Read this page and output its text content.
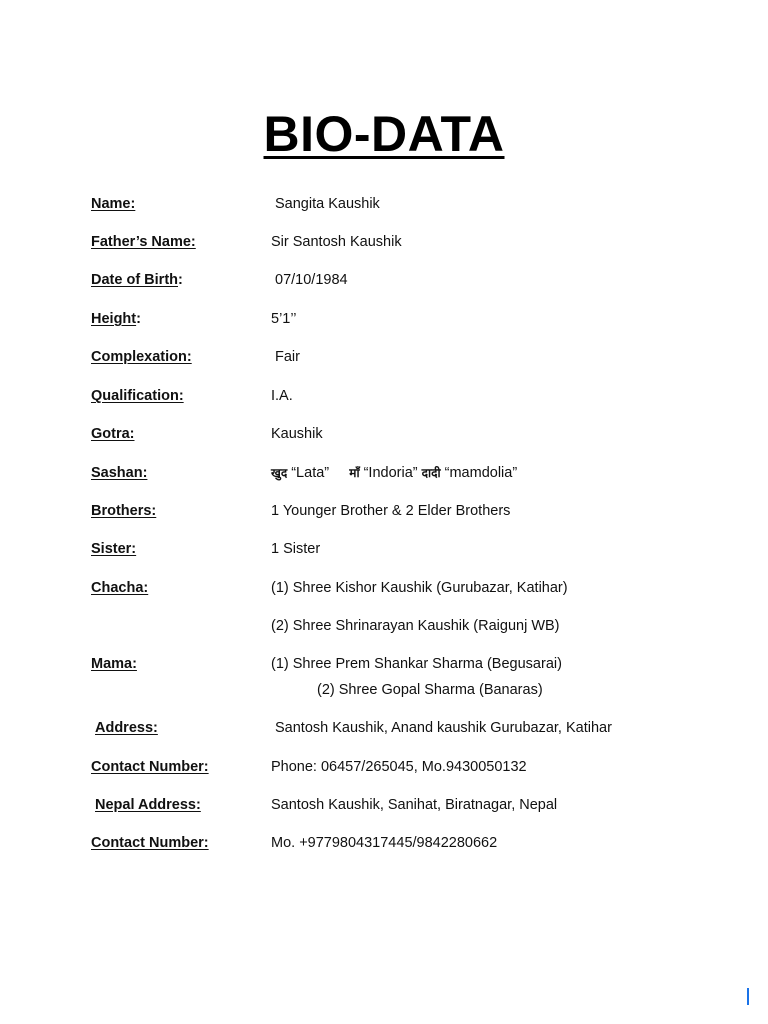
BIO-DATA
Name:	Sangita Kaushik
Father’s Name:	Sir Santosh Kaushik
Date of Birth:	07/10/1984
Height:	5’1’’
Complexation:	Fair
Qualification:	I.A.
Gotra:	Kaushik
Sashan:	खुद “Lata” माँ “Indoria” दादी “mamdolia”
Brothers:	1 Younger Brother & 2 Elder Brothers
Sister:	1 Sister
Chacha:	(1) Shree Kishor Kaushik (Gurubazar, Katihar)
(2) Shree Shrinarayan Kaushik (Raigunj WB)
Mama:	(1) Shree Prem Shankar Sharma (Begusarai)
(2) Shree Gopal Sharma (Banaras)
Address:	Santosh Kaushik, Anand kaushik Gurubazar, Katihar
Contact Number:	Phone: 06457/265045, Mo.9430050132
Nepal Address:	Santosh Kaushik, Sanihat, Biratnagar, Nepal
Contact Number:	Mo. +9779804317445/9842280662
